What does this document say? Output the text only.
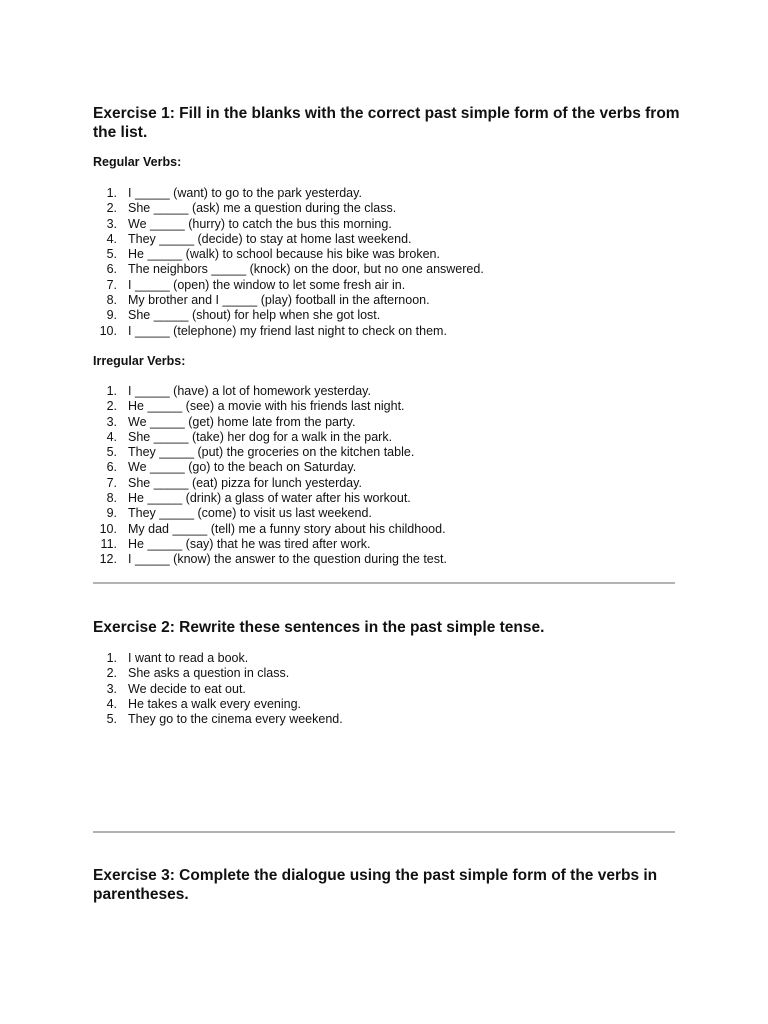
Exercise 1: Fill in the blanks with the correct past simple form of the verbs from the list.
Regular Verbs:
1. I _____ (want) to go to the park yesterday.
2. She _____ (ask) me a question during the class.
3. We _____ (hurry) to catch the bus this morning.
4. They _____ (decide) to stay at home last weekend.
5. He _____ (walk) to school because his bike was broken.
6. The neighbors _____ (knock) on the door, but no one answered.
7. I _____ (open) the window to let some fresh air in.
8. My brother and I _____ (play) football in the afternoon.
9. She _____ (shout) for help when she got lost.
10. I _____ (telephone) my friend last night to check on them.
Irregular Verbs:
1. I _____ (have) a lot of homework yesterday.
2. He _____ (see) a movie with his friends last night.
3. We _____ (get) home late from the party.
4. She _____ (take) her dog for a walk in the park.
5. They _____ (put) the groceries on the kitchen table.
6. We _____ (go) to the beach on Saturday.
7. She _____ (eat) pizza for lunch yesterday.
8. He _____ (drink) a glass of water after his workout.
9. They _____ (come) to visit us last weekend.
10. My dad _____ (tell) me a funny story about his childhood.
11. He _____ (say) that he was tired after work.
12. I _____ (know) the answer to the question during the test.
Exercise 2: Rewrite these sentences in the past simple tense.
1. I want to read a book.
2. She asks a question in class.
3. We decide to eat out.
4. He takes a walk every evening.
5. They go to the cinema every weekend.
Exercise 3: Complete the dialogue using the past simple form of the verbs in parentheses.
